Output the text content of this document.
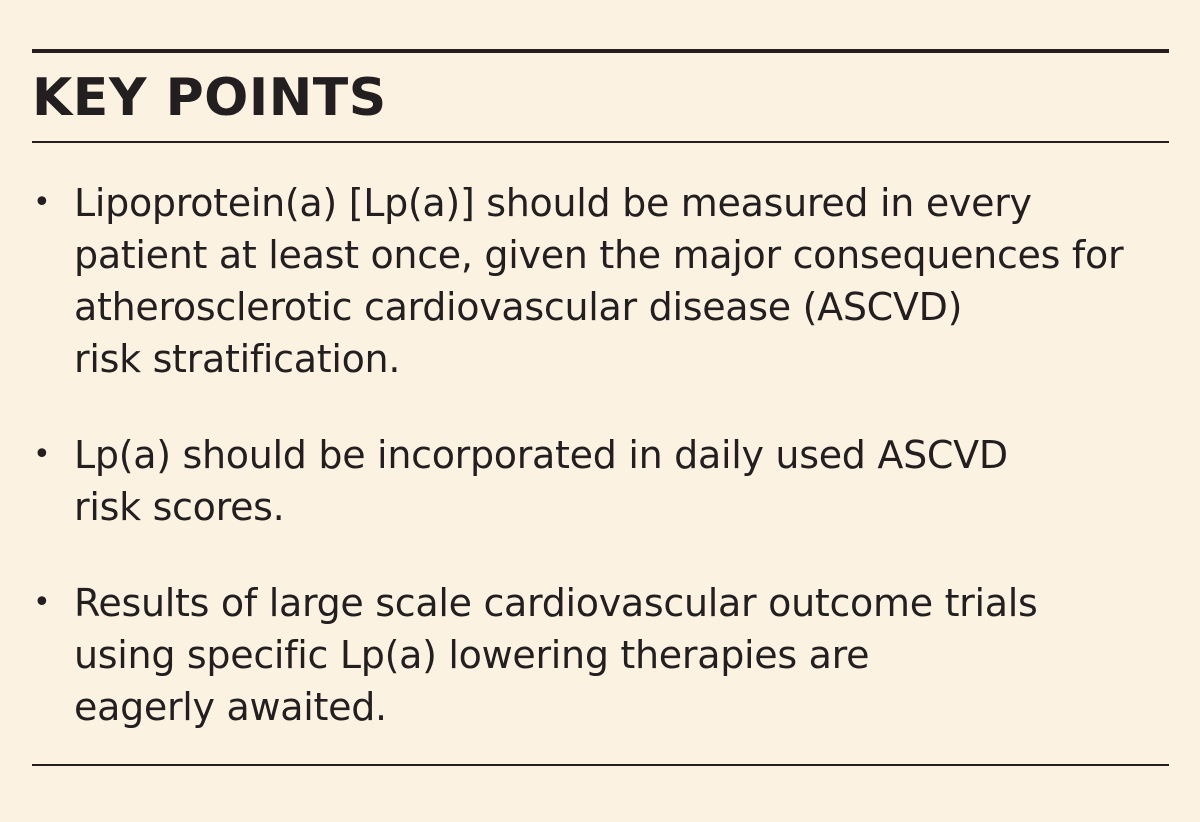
KEY POINTS
• Lipoprotein(a) [Lp(a)] should be measured in every
patient at least once, given the major consequences for
atherosclerotic cardiovascular disease (ASCVD)
risk stratification.
• Lp(a) should be incorporated in daily used ASCVD
risk scores.
• Results of large scale cardiovascular outcome trials
using specific Lp(a) lowering therapies are
eagerly awaited.
